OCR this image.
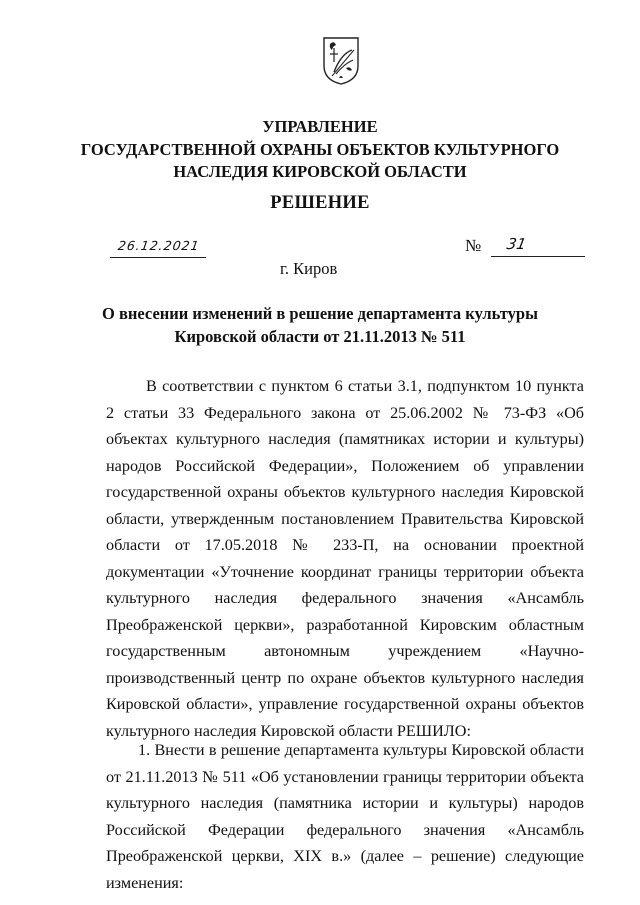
УПРАВЛЕНИЕ
ГОСУДАРСТВЕННОЙ ОХРАНЫ ОБЪЕКТОВ КУЛЬТУРНОГО
НАСЛЕДИЯ КИРОВСКОЙ ОБЛАСТИ
РЕШЕНИЕ
26.12.2021	№ 31
г. Киров
О внесении изменений в решение департамента культуры Кировской области от 21.11.2013 № 511

В соответствии с пунктом 6 статьи 3.1, подпунктом 10 пункта 2 статьи 33 Федерального закона от 25.06.2002 № 73-ФЗ «Об объектах культурного наследия (памятниках истории и культуры) народов Российской Федерации», Положением об управлении государственной охраны объектов культурного наследия Кировской области, утвержденным постановлением Правительства Кировской области от 17.05.2018 № 233-П, на основании проектной документации «Уточнение координат границы территории объекта культурного наследия федерального значения «Ансамбль Преображенской церкви», разработанной Кировским областным государственным автономным учреждением «Научно-производственный центр по охране объектов культурного наследия Кировской области», управление государственной охраны объектов культурного наследия Кировской области РЕШИЛО:

1. Внести в решение департамента культуры Кировской области от 21.11.2013 № 511 «Об установлении границы территории объекта культурного наследия (памятника истории и культуры) народов Российской Федерации федерального значения «Ансамбль Преображенской церкви, XIX в.» (далее – решение) следующие изменения:
